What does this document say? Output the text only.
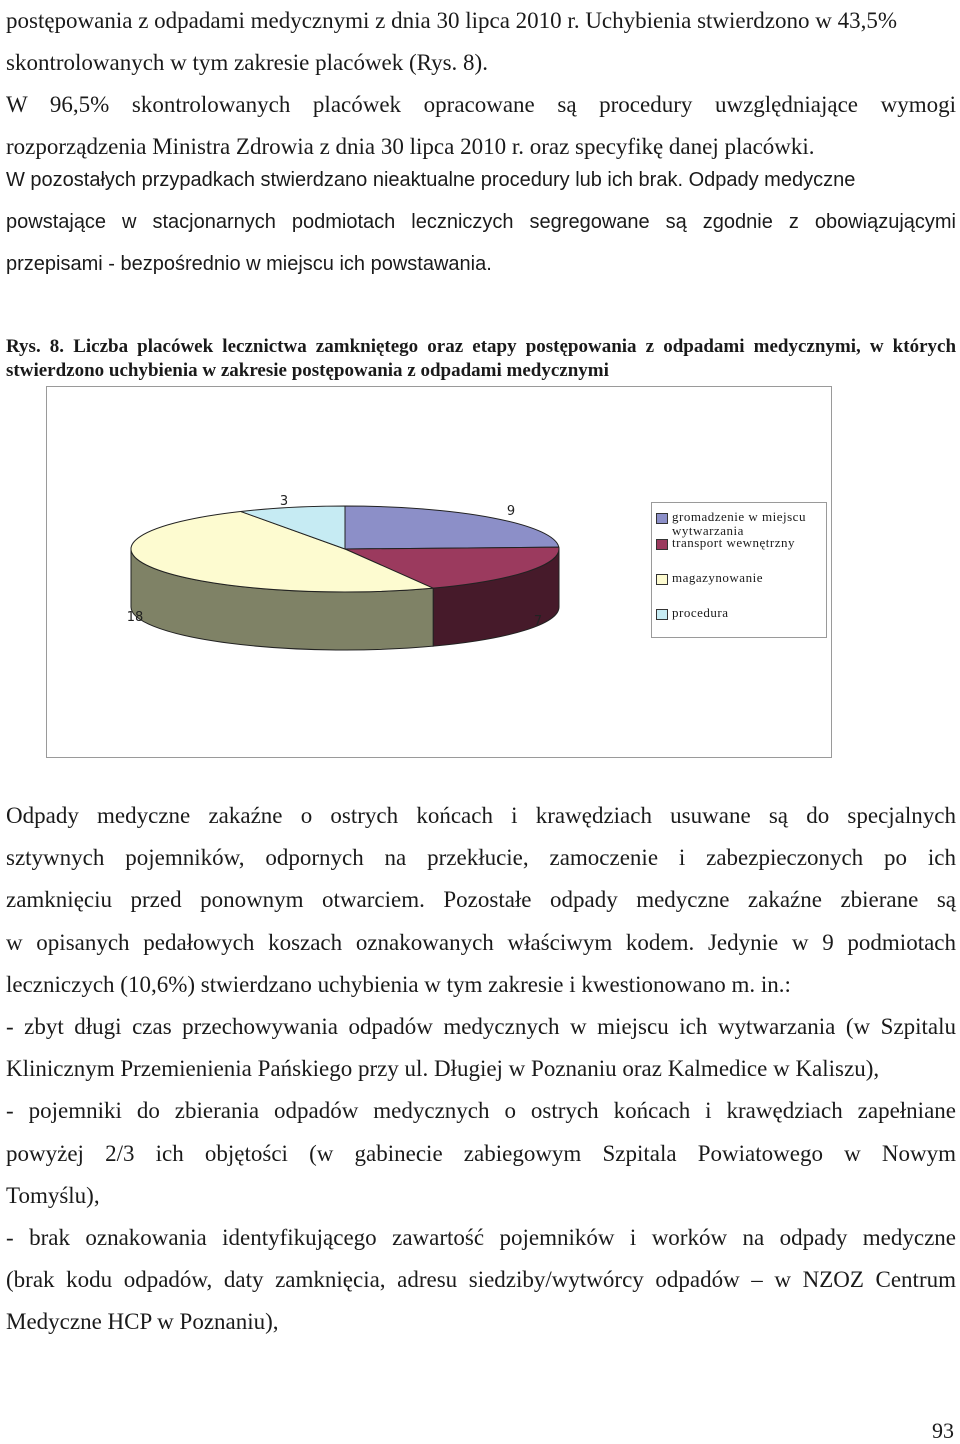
postępowania z odpadami medycznymi z dnia 30 lipca 2010 r. Uchybienia stwierdzono w 43,5%

skontrolowanych w tym zakresie placówek (Rys. 8).

W 96,5% skontrolowanych placówek opracowane są procedury uwzględniające wymogi

rozporządzenia Ministra Zdrowia z dnia 30 lipca 2010 r. oraz specyfikę danej placówki.

W pozostałych przypadkach stwierdzano nieaktualne procedury lub ich brak. Odpady medyczne

powstające w stacjonarnych podmiotach leczniczych segregowane są zgodnie z obowiązującymi

przepisami - bezpośrednio w miejscu ich powstawania.

Rys. 8. Liczba placówek lecznictwa zamkniętego oraz etapy postępowania z odpadami medycznymi, w których stwierdzono uchybienia w zakresie postępowania z odpadami medycznymi

9
7
18
3
gromadzenie w miejscu wytwarzania
transport wewnętrzny
magazynowanie
procedura

Odpady medyczne zakaźne o ostrych końcach i krawędziach usuwane są do specjalnych

sztywnych pojemników, odpornych na przekłucie, zamoczenie i zabezpieczonych po ich

zamknięciu przed ponownym otwarciem. Pozostałe odpady medyczne zakaźne zbierane są

w opisanych pedałowych koszach oznakowanych właściwym kodem. Jedynie w 9 podmiotach

leczniczych (10,6%) stwierdzano uchybienia w tym zakresie i kwestionowano m. in.:

- zbyt długi czas przechowywania odpadów medycznych w miejscu ich wytwarzania (w Szpitalu

Klinicznym Przemienienia Pańskiego przy ul. Długiej w Poznaniu oraz Kalmedice w Kaliszu),

- pojemniki do zbierania odpadów medycznych o ostrych końcach i krawędziach zapełniane

powyżej 2/3 ich objętości (w gabinecie zabiegowym Szpitala Powiatowego w Nowym

Tomyślu),

- brak oznakowania identyfikującego zawartość pojemników i worków na odpady medyczne

(brak kodu odpadów, daty zamknięcia, adresu siedziby/wytwórcy odpadów – w NZOZ Centrum

Medyczne HCP w Poznaniu),

93
